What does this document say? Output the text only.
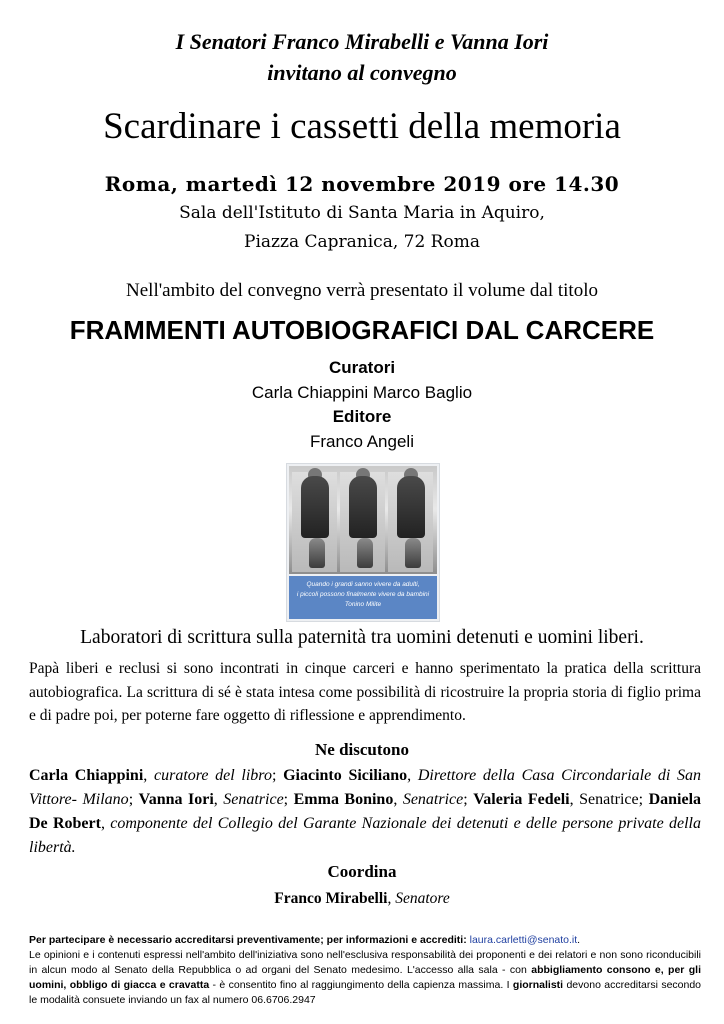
I Senatori Franco Mirabelli e Vanna Iori
invitano al convegno
Scardinare i cassetti della memoria
Roma, martedì 12 novembre 2019 ore 14.30
Sala dell'Istituto di Santa Maria in Aquiro,
Piazza Capranica, 72 Roma
Nell'ambito del convegno verrà presentato il volume dal titolo
FRAMMENTI AUTOBIOGRAFICI DAL CARCERE
Curatori
Carla Chiappini Marco Baglio
Editore
Franco Angeli
Quando i grandi sanno vivere da adulti,
i piccoli possono finalmente vivere da bambini
Tonino Milite
Laboratori di scrittura sulla paternità tra uomini detenuti e uomini liberi.
Papà liberi e reclusi si sono incontrati in cinque carceri e hanno sperimentato la pratica della scrittura autobiografica. La scrittura di sé è stata intesa come possibilità di ricostruire la propria storia di figlio prima e di padre poi, per poterne fare oggetto di riflessione e apprendimento.
Ne discutono
Carla Chiappini, curatore del libro; Giacinto Siciliano, Direttore della Casa Circondariale di San Vittore- Milano; Vanna Iori, Senatrice; Emma Bonino, Senatrice; Valeria Fedeli, Senatrice; Daniela De Robert, componente del Collegio del Garante Nazionale dei detenuti e delle persone private della libertà.
Coordina
Franco Mirabelli, Senatore
Per partecipare è necessario accreditarsi preventivamente; per informazioni e accrediti: laura.carletti@senato.it.
Le opinioni e i contenuti espressi nell'ambito dell'iniziativa sono nell'esclusiva responsabilità dei proponenti e dei relatori e non sono riconducibili in alcun modo al Senato della Repubblica o ad organi del Senato medesimo. L'accesso alla sala - con abbigliamento consono e, per gli uomini, obbligo di giacca e cravatta - è consentito fino al raggiungimento della capienza massima. I giornalisti devono accreditarsi secondo le modalità consuete inviando un fax al numero 06.6706.2947
